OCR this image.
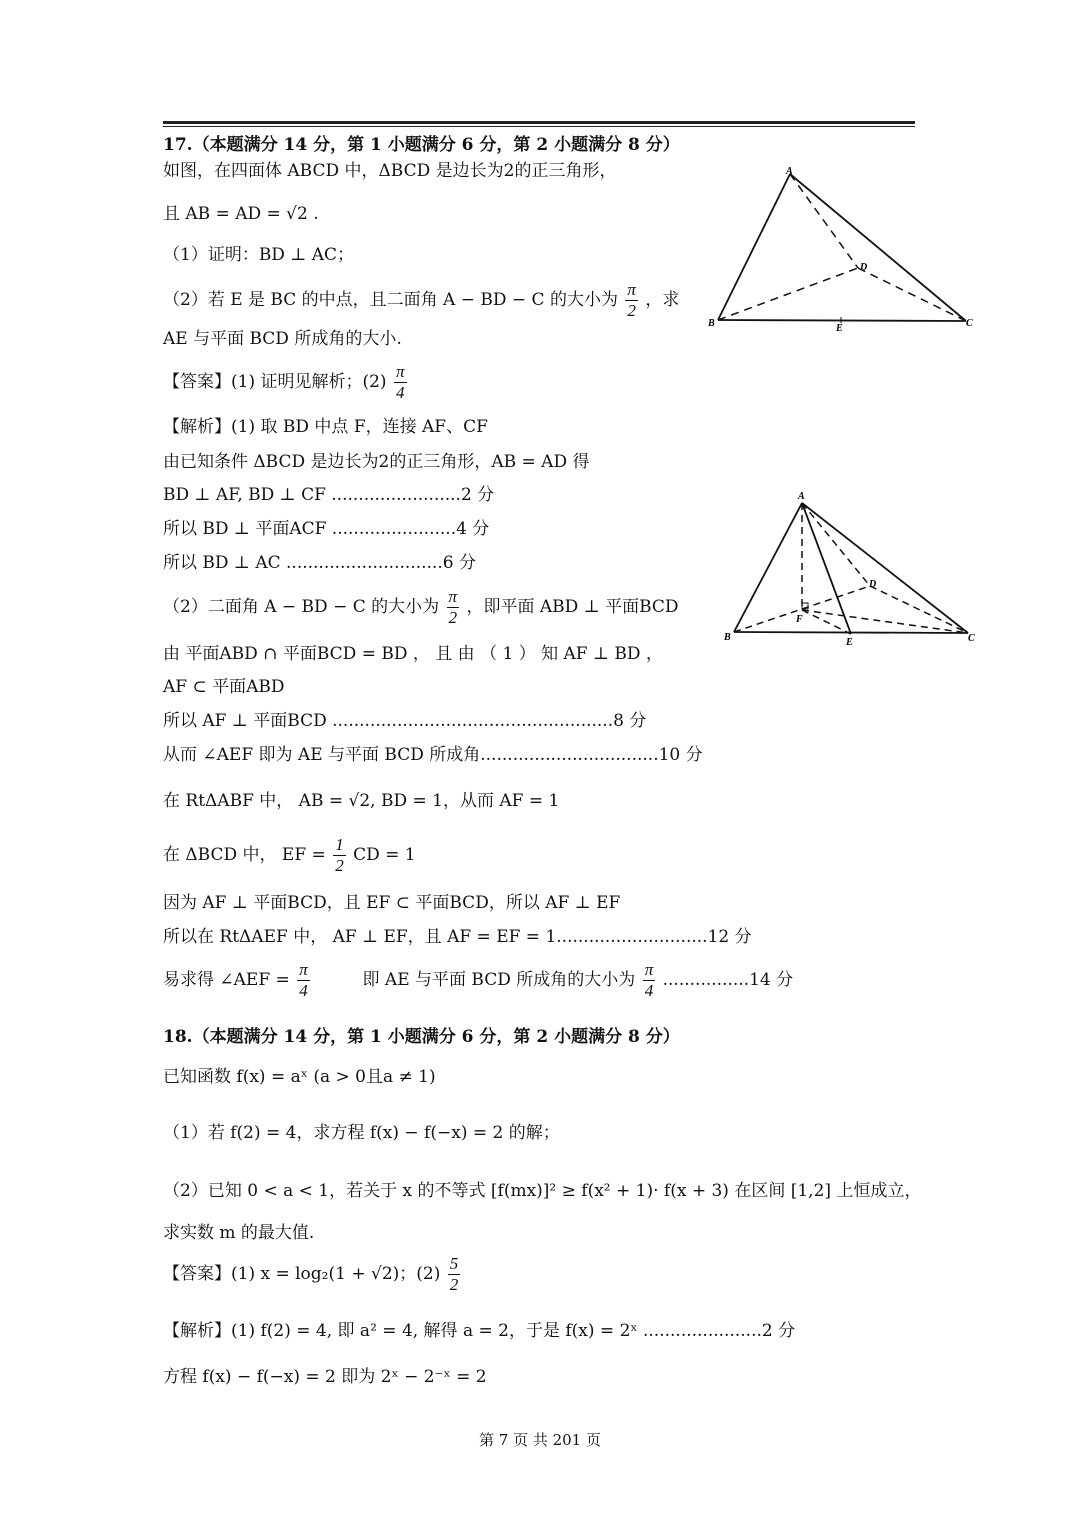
17.（本题满分 14 分，第 1 小题满分 6 分，第 2 小题满分 8 分）
如图，在四面体 ABCD 中，ΔBCD 是边长为2的正三角形，
且 AB = AD = √2 .
（1）证明：BD ⊥ AC；
（2）若 E 是 BC 的中点，且二面角 A − BD − C 的大小为 $\frac{\pi}{2}$ ，求
AE 与平面 BCD 所成角的大小.
【答案】(1) 证明见解析；$(2) \frac{\pi}{4}$
【解析】(1) 取 BD 中点 F，连接 AF、CF
由已知条件 ΔBCD 是边长为2的正三角形，AB = AD 得
BD ⊥ AF, BD ⊥ CF ........................2 分
所以 BD ⊥ 平面ACF .......................4 分
所以 BD ⊥ AC .............................6 分
（2）二面角 A − BD − C 的大小为 $\frac{\pi}{2}$ ，即平面 ABD ⊥ 平面BCD
由 平面ABD ∩ 平面BCD = BD ， 且 由 （ 1 ） 知 AF ⊥ BD ，
AF ⊂ 平面ABD
所以 AF ⊥ 平面BCD ....................................................8 分
从而 ∠AEF 即为 AE 与平面 BCD 所成角.................................10 分
在 RtΔABF 中， AB = √2, BD = 1，从而 AF = 1
在 ΔBCD 中， EF = $\frac{1}{2}$ CD = 1
因为 AF ⊥ 平面BCD，且 EF ⊂ 平面BCD，所以 AF ⊥ EF
所以在 RtΔAEF 中， AF ⊥ EF，且 AF = EF = 1............................12 分
易求得 ∠AEF = $\frac{\pi}{4}$	即 AE 与平面 BCD 所成角的大小为 $\frac{\pi}{4} ................14$ 分
A
B	C
D
E
A
B	C
D
E
F
18.（本题满分 14 分，第 1 小题满分 6 分，第 2 小题满分 8 分）
已知函数 f(x) = aˣ (a > 0且a ≠ 1)
（1）若 f(2) = 4，求方程 f(x) − f(−x) = 2 的解；
（2）已知 0 < a < 1，若关于 x 的不等式 [f(mx)]² ≥ f(x² + 1)· f(x + 3) 在区间 [1,2] 上恒成立，
求实数 m 的最大值.
【答案】(1) x = log₂(1 + √2)；$(2) \frac{5}{2}$
【解析】(1) f(2) = 4, 即 a² = 4, 解得 a = 2，于是 f(x) = 2ˣ ......................2 分
方程 f(x) − f(−x) = 2 即为 2ˣ − 2⁻ˣ = 2
第 7 页 共 201 页
